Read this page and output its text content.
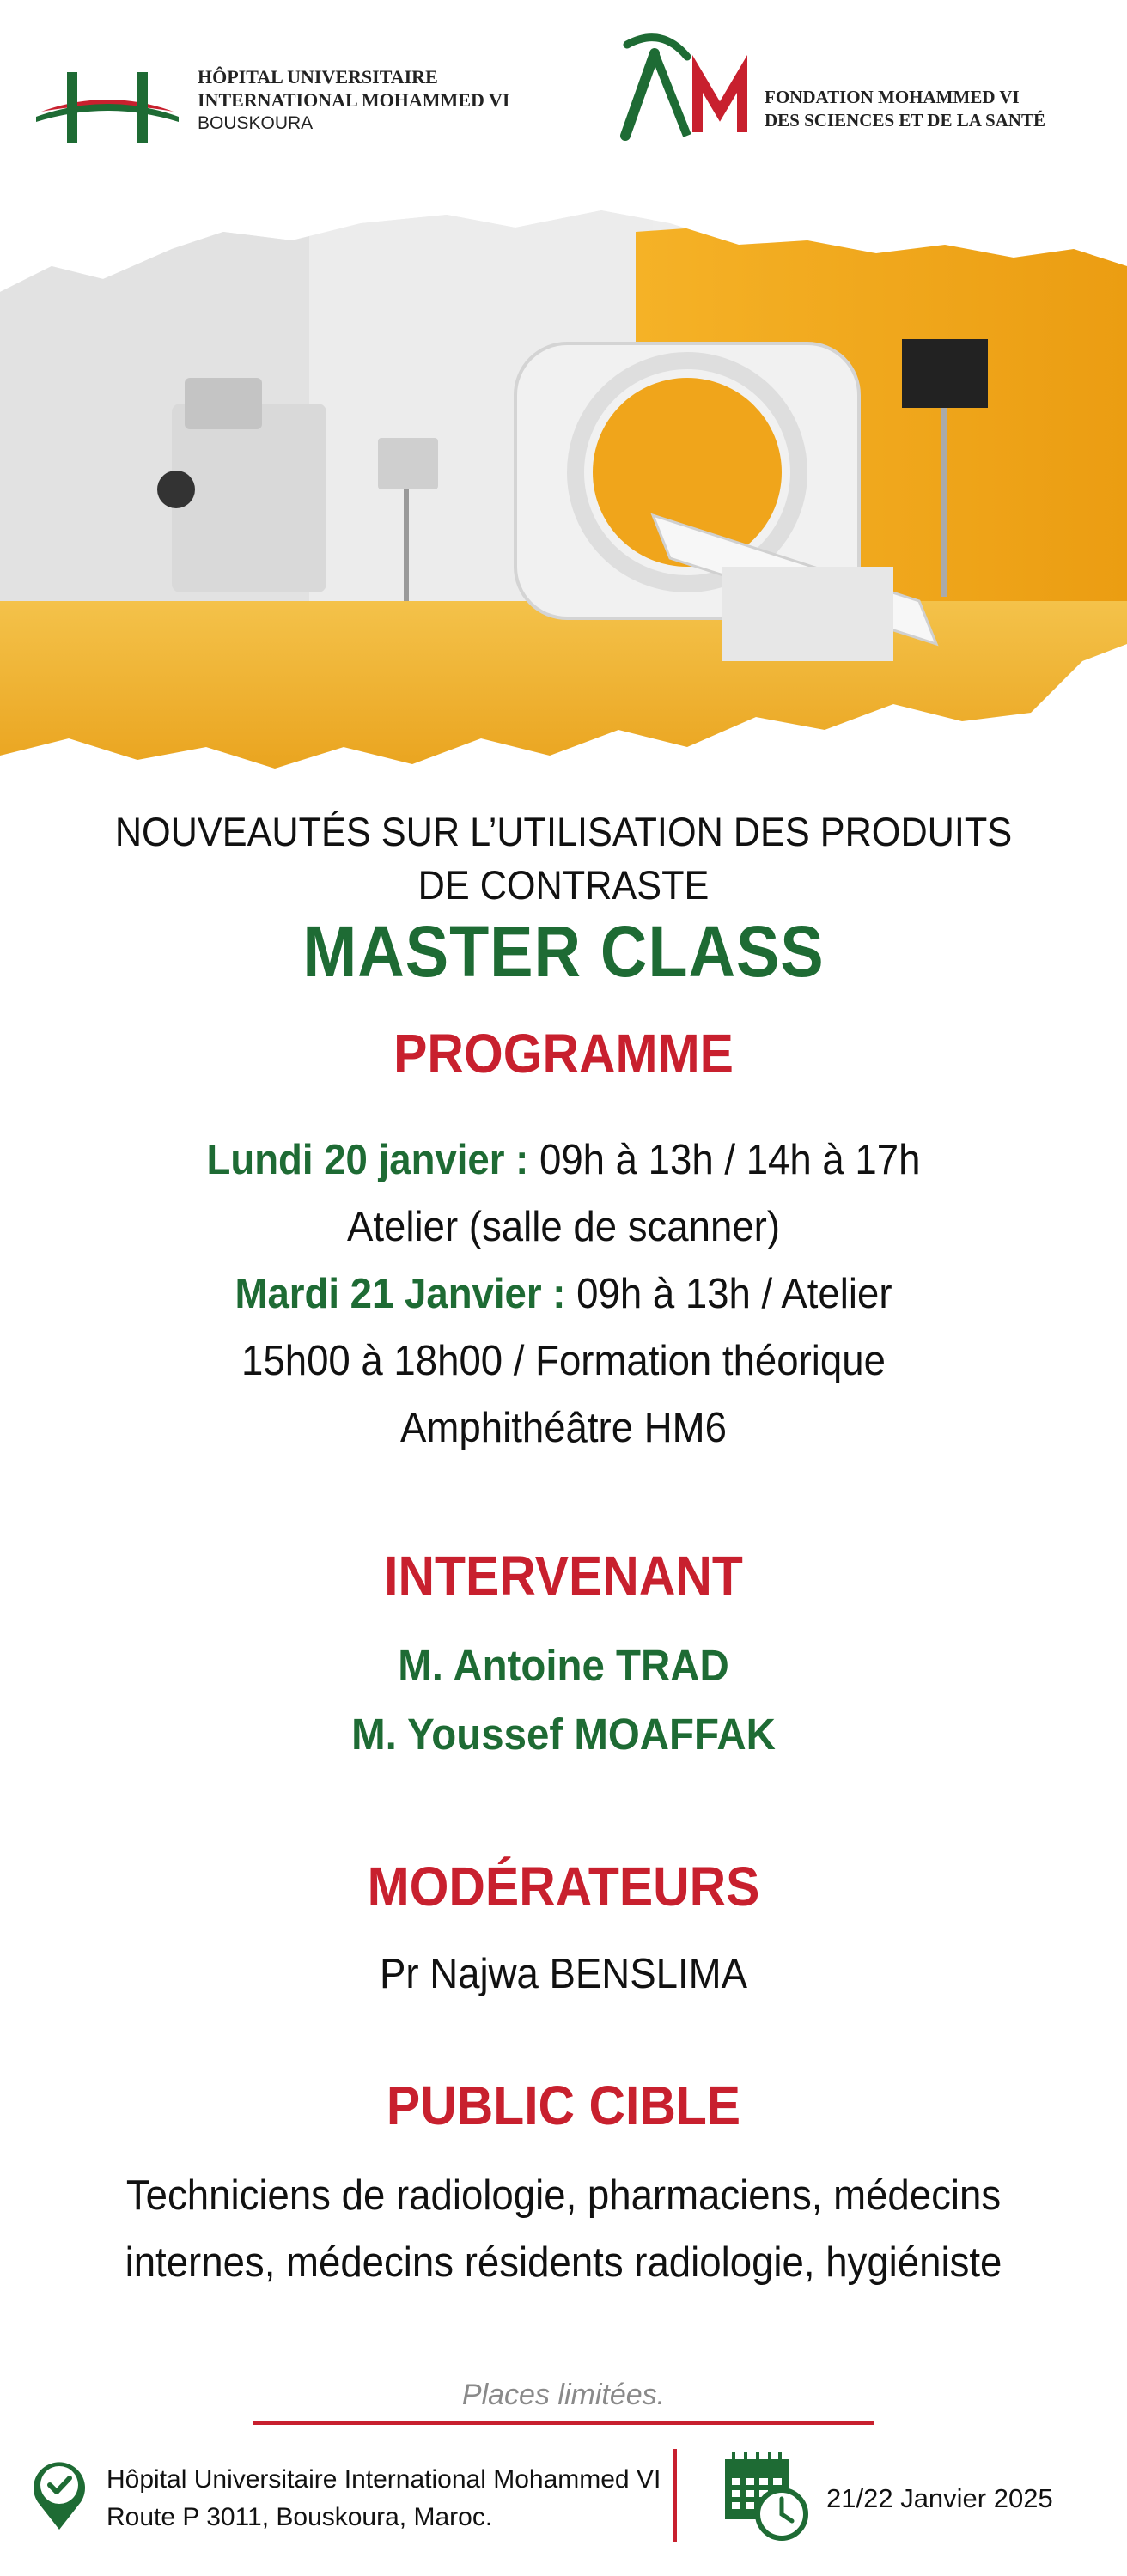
HÔPITAL UNIVERSITAIRE
INTERNATIONAL MOHAMMED VI
BOUSKOURA
FONDATION MOHAMMED VI
DES SCIENCES ET DE LA SANTÉ
NOUVEAUTÉS SUR L’UTILISATION DES PRODUITS
DE CONTRASTE
MASTER CLASS
PROGRAMME
Lundi 20 janvier : 09h à 13h / 14h à 17h
Atelier (salle de scanner)
Mardi 21 Janvier : 09h à 13h / Atelier
15h00 à 18h00 / Formation théorique
Amphithéâtre HM6
INTERVENANT
M. Antoine TRAD
M. Youssef MOAFFAK
MODÉRATEURS
Pr Najwa BENSLIMA
PUBLIC CIBLE
Techniciens de radiologie, pharmaciens, médecins
internes, médecins résidents radiologie, hygiéniste
Places limitées.
Hôpital Universitaire International Mohammed VI
Route P 3011, Bouskoura, Maroc.
21/22 Janvier 2025
